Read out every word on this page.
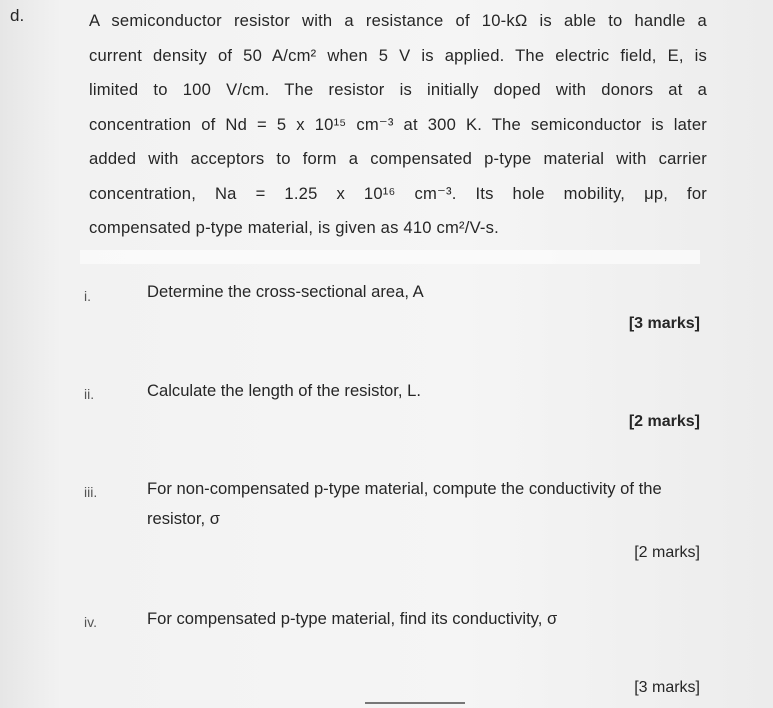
d.	A semiconductor resistor with a resistance of 10-kΩ is able to handle a
current density of 50 A/cm² when 5 V is applied. The electric field, E, is
limited to 100 V/cm. The resistor is initially doped with donors at a
concentration of Nd = 5 x 10¹⁵ cm⁻³ at 300 K. The semiconductor is later
added with acceptors to form a compensated p-type material with carrier
concentration, Na = 1.25 x 10¹⁶ cm⁻³. Its hole mobility, μp, for
compensated p-type material, is given as 410 cm²/V-s.
i.	Determine the cross-sectional area, A
[3 marks]
ii.	Calculate the length of the resistor, L.
[2 marks]
iii.	For non-compensated p-type material, compute the conductivity of the resistor, σ
[2 marks]
iv.	For compensated p-type material, find its conductivity, σ
[3 marks]
